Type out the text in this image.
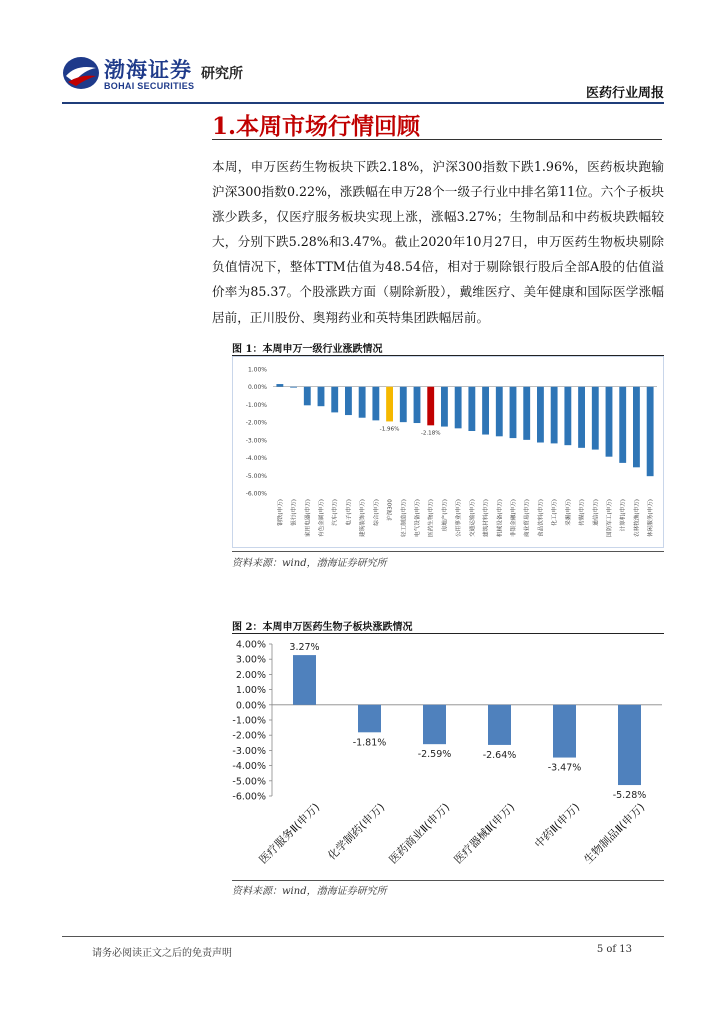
渤海证券
BOHAI SECURITIES
研究所
医药行业周报
1.本周市场行情回顾
本周，申万医药生物板块下跌2.18%，沪深300指数下跌1.96%，医药板块跑输沪深300指数0.22%，涨跌幅在申万28个一级子行业中排名第11位。六个子板块涨少跌多，仅医疗服务板块实现上涨，涨幅3.27%；生物制品和中药板块跌幅较大，分别下跌5.28%和3.47%。截止2020年10月27日，申万医药生物板块剔除负值情况下，整体TTM估值为48.54倍，相对于剔除银行股后全部A股的估值溢价率为85.37。个股涨跌方面（剔除新股），戴维医疗、美年健康和国际医学涨幅居前，正川股份、奥翔药业和英特集团跌幅居前。
图 1：本周申万一级行业涨跌情况
1.00%
0.00%
-1.00%
-2.00%
-3.00%
-4.00%
-5.00%
-6.00%
钢铁(申万)	银行(申万)	家用电器(申万)	有色金属(申万)	汽车(申万)	电子(申万)	建筑装饰(申万)	综合(申万)	沪深300
-1.96%
轻工制造(申万)	电气设备(申万)	医药生物(申万)
-2.18%
房地产(申万)	公用事业(申万)	交通运输(申万)	建筑材料(申万)	机械设备(申万)	非银金融(申万)	商业贸易(申万)	食品饮料(申万)	化工(申万)	采掘(申万)	传媒(申万)	通信(申万)	国防军工(申万)	计算机(申万)	农林牧渔(申万)	休闲服务(申万)
资料来源：wind，渤海证券研究所
图 2：本周申万医药生物子板块涨跌情况
4.00%
3.00%
2.00%
1.00%
0.00%
-1.00%
-2.00%
-3.00%
-4.00%
-5.00%
-6.00%
3.27%
医疗服务Ⅱ(申万)
-1.81%
化学制药(申万)
-2.59%
医药商业Ⅱ(申万)
-2.64%
医疗器械Ⅱ(申万)
-3.47%
中药Ⅱ(申万)
-5.28%
生物制品Ⅱ(申万)
资料来源：wind，渤海证券研究所
请务必阅读正文之后的免责声明	5 of 13
